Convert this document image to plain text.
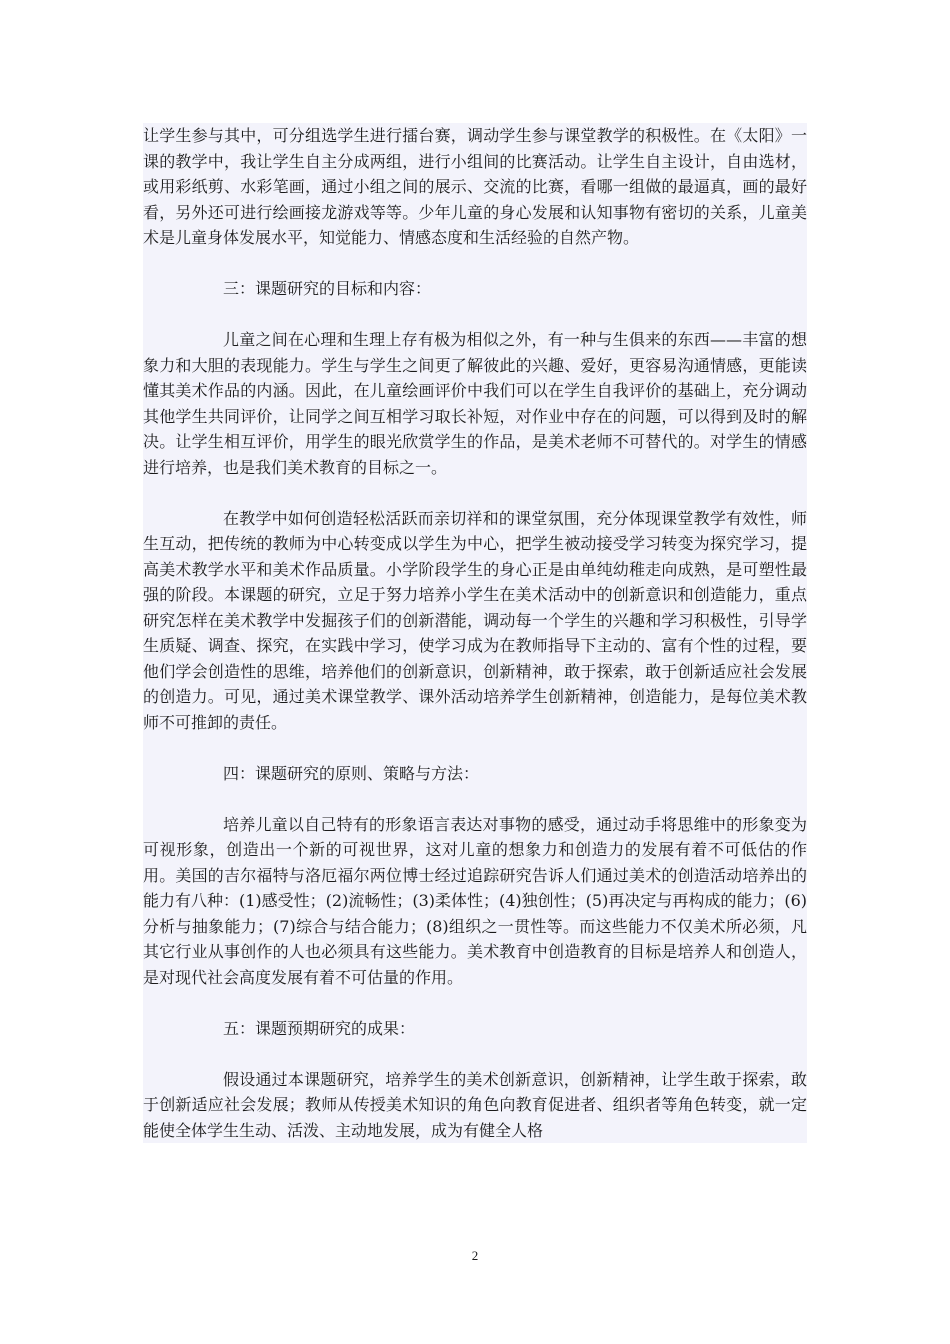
让学生参与其中，可分组选学生进行擂台赛，调动学生参与课堂教学的积极性。在《太阳》一课的教学中，我让学生自主分成两组，进行小组间的比赛活动。让学生自主设计，自由选材，或用彩纸剪、水彩笔画，通过小组之间的展示、交流的比赛，看哪一组做的最逼真，画的最好看，另外还可进行绘画接龙游戏等等。少年儿童的身心发展和认知事物有密切的关系，儿童美术是儿童身体发展水平，知觉能力、情感态度和生活经验的自然产物。

三：课题研究的目标和内容：

儿童之间在心理和生理上存有极为相似之外，有一种与生俱来的东西——丰富的想象力和大胆的表现能力。学生与学生之间更了解彼此的兴趣、爱好，更容易沟通情感，更能读懂其美术作品的内涵。因此，在儿童绘画评价中我们可以在学生自我评价的基础上，充分调动其他学生共同评价，让同学之间互相学习取长补短，对作业中存在的问题，可以得到及时的解决。让学生相互评价，用学生的眼光欣赏学生的作品，是美术老师不可替代的。对学生的情感进行培养，也是我们美术教育的目标之一。

在教学中如何创造轻松活跃而亲切祥和的课堂氛围，充分体现课堂教学有效性，师生互动，把传统的教师为中心转变成以学生为中心，把学生被动接受学习转变为探究学习，提高美术教学水平和美术作品质量。小学阶段学生的身心正是由单纯幼稚走向成熟，是可塑性最强的阶段。本课题的研究，立足于努力培养小学生在美术活动中的创新意识和创造能力，重点研究怎样在美术教学中发掘孩子们的创新潜能，调动每一个学生的兴趣和学习积极性，引导学生质疑、调查、探究，在实践中学习，使学习成为在教师指导下主动的、富有个性的过程，要他们学会创造性的思维，培养他们的创新意识，创新精神，敢于探索，敢于创新适应社会发展的创造力。可见，通过美术课堂教学、课外活动培养学生创新精神，创造能力，是每位美术教师不可推卸的责任。

四：课题研究的原则、策略与方法：

培养儿童以自己特有的形象语言表达对事物的感受，通过动手将思维中的形象变为可视形象，创造出一个新的可视世界，这对儿童的想象力和创造力的发展有着不可低估的作用。美国的吉尔福特与洛厄福尔两位博士经过追踪研究告诉人们通过美术的创造活动培养出的能力有八种：(1)感受性；(2)流畅性；(3)柔体性；(4)独创性；(5)再决定与再构成的能力；(6)分析与抽象能力；(7)综合与结合能力；(8)组织之一贯性等。而这些能力不仅美术所必须，凡其它行业从事创作的人也必须具有这些能力。美术教育中创造教育的目标是培养人和创造人，是对现代社会高度发展有着不可估量的作用。

五：课题预期研究的成果：

假设通过本课题研究，培养学生的美术创新意识，创新精神，让学生敢于探索，敢于创新适应社会发展；教师从传授美术知识的角色向教育促进者、组织者等角色转变，就一定能使全体学生生动、活泼、主动地发展，成为有健全人格

2
